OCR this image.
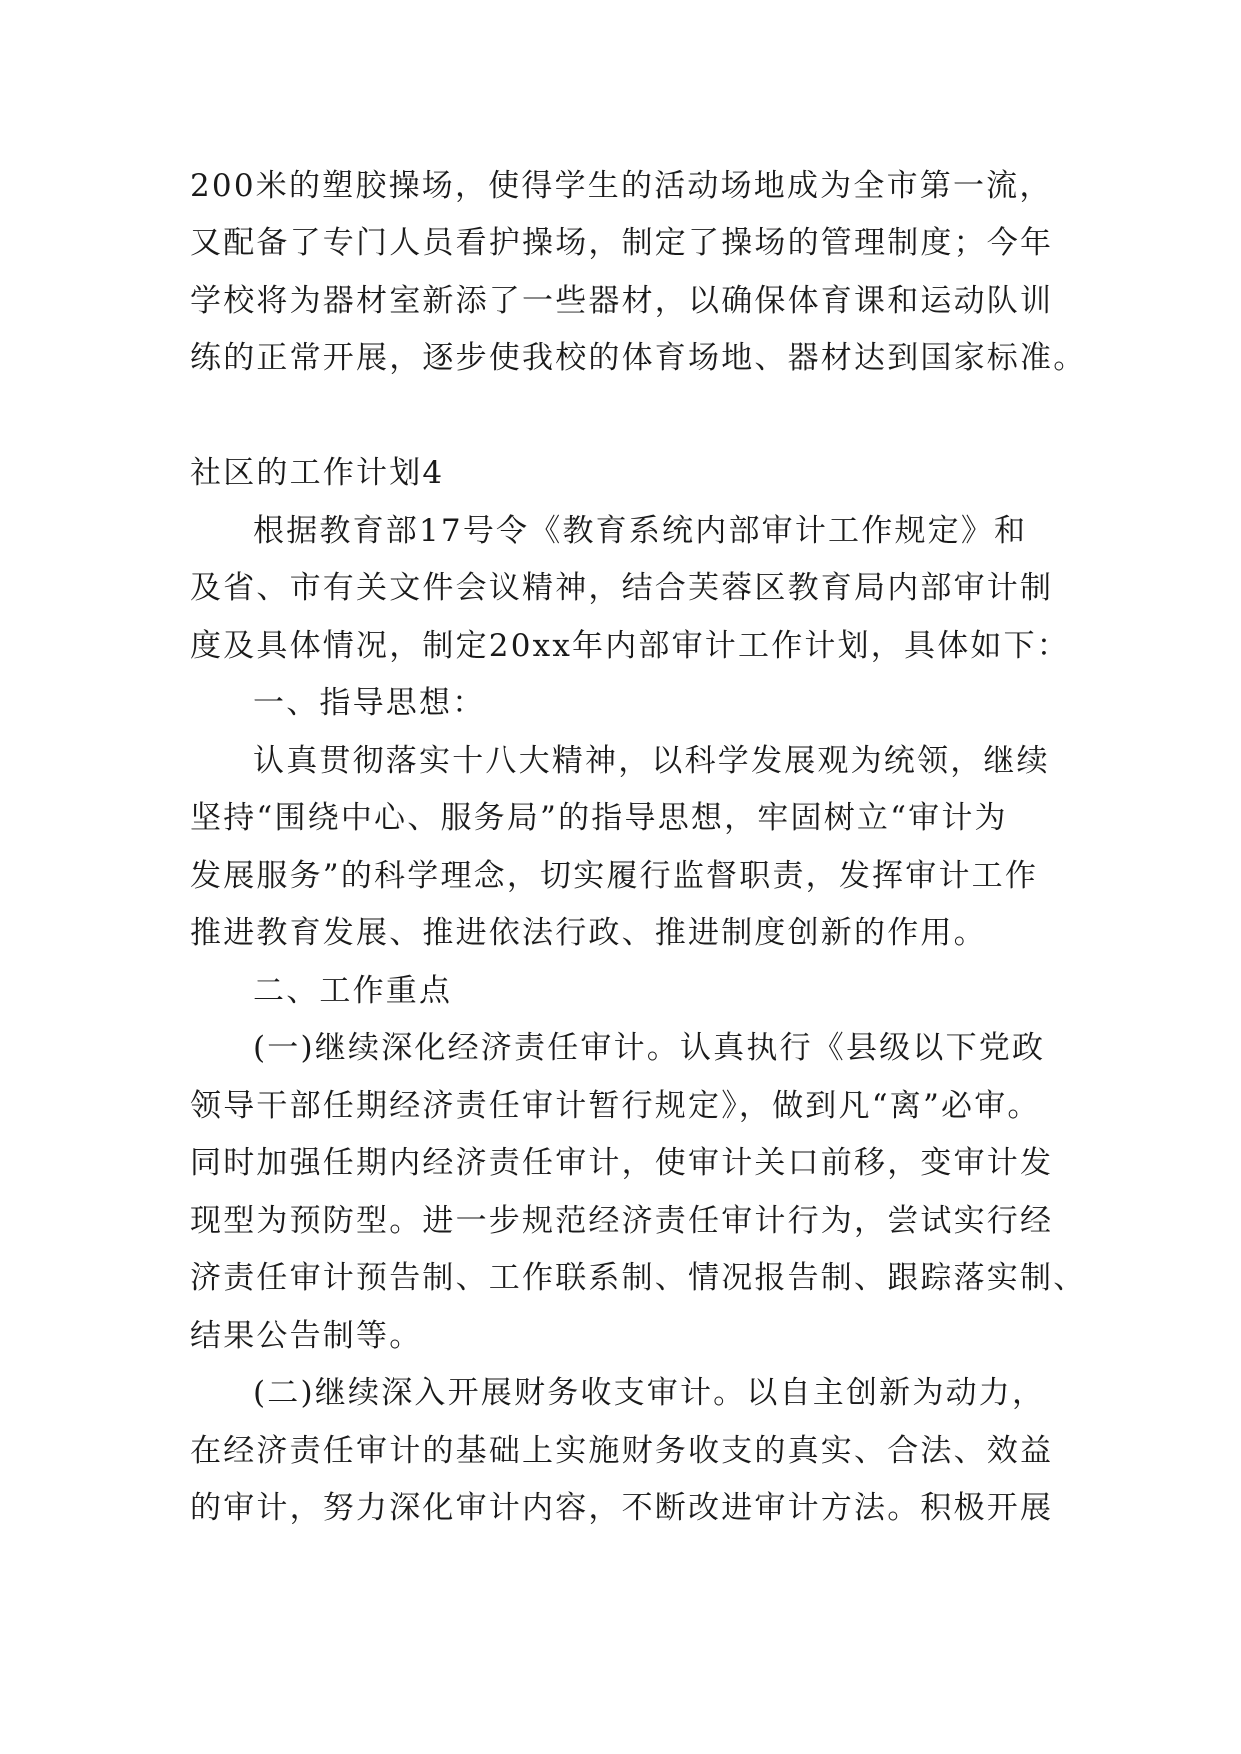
200米的塑胶操场，使得学生的活动场地成为全市第一流，
又配备了专门人员看护操场，制定了操场的管理制度；今年
学校将为器材室新添了一些器材，以确保体育课和运动队训
练的正常开展，逐步使我校的体育场地、器材达到国家标准。
社区的工作计划4
根据教育部17号令《教育系统内部审计工作规定》和
及省、市有关文件会议精神，结合芙蓉区教育局内部审计制
度及具体情况，制定20xx年内部审计工作计划，具体如下：
一、指导思想：
认真贯彻落实十八大精神，以科学发展观为统领，继续
坚持“围绕中心、服务局”的指导思想，牢固树立“审计为
发展服务”的科学理念，切实履行监督职责，发挥审计工作
推进教育发展、推进依法行政、推进制度创新的作用。
二、工作重点
(一)继续深化经济责任审计。认真执行《县级以下党政
领导干部任期经济责任审计暂行规定》，做到凡“离”必审。
同时加强任期内经济责任审计，使审计关口前移，变审计发
现型为预防型。进一步规范经济责任审计行为，尝试实行经
济责任审计预告制、工作联系制、情况报告制、跟踪落实制、
结果公告制等。
(二)继续深入开展财务收支审计。以自主创新为动力，
在经济责任审计的基础上实施财务收支的真实、合法、效益
的审计，努力深化审计内容，不断改进审计方法。积极开展
